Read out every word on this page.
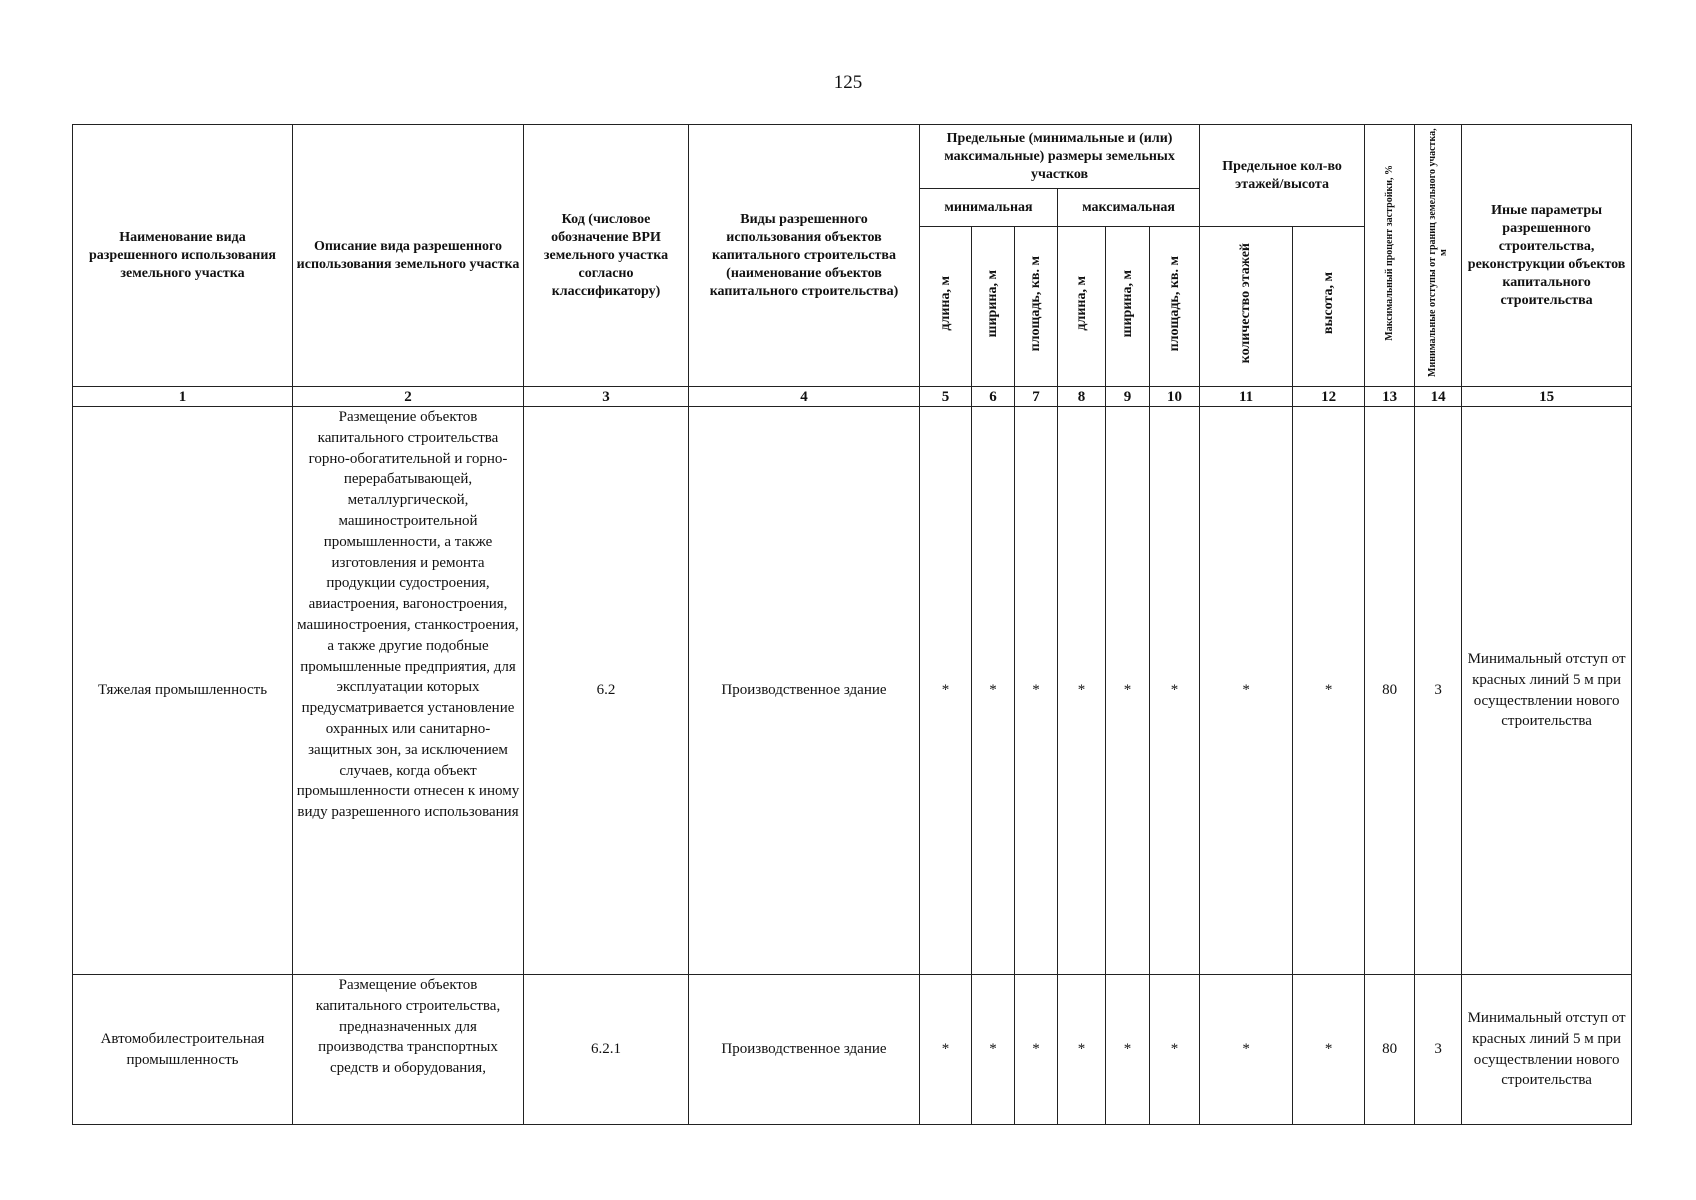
125
Наименование вида разрешенного использования земельного участка	Описание вида разрешенного использования земельного участка	Код (числовое обозначение ВРИ земельного участка согласно классификатору)	Виды разрешенного использования объектов капитального строительства (наименование объектов капитального строительства)	Предельные (минимальные и (или) максимальные) размеры земельных участков						Предельное кол-во этажей/высота		Максимальный процент застройки, %	Минимальные отступы от границ земельного участка, м	Иные параметры разрешенного строительства, реконструкции объектов капитального строительства
				минимальная			максимальная							
				длина, м	ширина, м	площадь, кв. м	длина, м	ширина, м	площадь, кв. м	количество этажей	высота, м			
1	2	3	4	5	6	7	8	9	10	11	12	13	14	15
Тяжелая промышленность	Размещение объектов капитального строительства горно-обогатительной и горно-перерабатывающей, металлургической, машиностроительной промышленности, а также изготовления и ремонта продукции судостроения, авиастроения, вагоностроения, машиностроения, станкостроения, а также другие подобные промышленные предприятия, для эксплуатации которых предусматривается установление охранных или санитарно-защитных зон, за исключением случаев, когда объект промышленности отнесен к иному виду разрешенного использования	6.2	Производственное здание	*	*	*	*	*	*	*	*	80	3	Минимальный отступ от красных линий 5 м при осуществлении нового строительства
Автомобилестроительная промышленность	Размещение объектов капитального строительства, предназначенных для производства транспортных средств и оборудования,	6.2.1	Производственное здание	*	*	*	*	*	*	*	*	80	3	Минимальный отступ от красных линий 5 м при осуществлении нового строительства
